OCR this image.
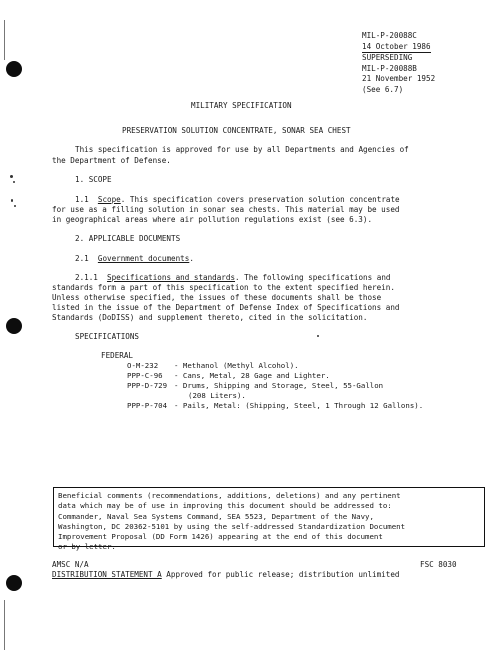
MIL-P-20088C
14 October 1986
SUPERSEDING
MIL-P-20088B
21 November 1952
(See 6.7)
MILITARY SPECIFICATION
PRESERVATION SOLUTION CONCENTRATE, SONAR SEA CHEST
This specification is approved for use by all Departments and Agencies of
the Department of Defense.
1. SCOPE
1.1 Scope. This specification covers preservation solution concentrate
for use as a filling solution in sonar sea chests. This material may be used
in geographical areas where air pollution regulations exist (see 6.3).
2. APPLICABLE DOCUMENTS
2.1 Government documents.
2.1.1 Specifications and standards. The following specifications and
standards form a part of this specification to the extent specified herein.
Unless otherwise specified, the issues of these documents shall be those
listed in the issue of the Department of Defense Index of Specifications and
Standards (DoDISS) and supplement thereto, cited in the solicitation.
SPECIFICATIONS
FEDERAL
O-M-232 - Methanol (Methyl Alcohol).
PPP-C-96 - Cans, Metal, 28 Gage and Lighter.
PPP-D-729 - Drums, Shipping and Storage, Steel, 55-Gallon
(208 Liters).
PPP-P-704 - Pails, Metal: (Shipping, Steel, 1 Through 12 Gallons).
Beneficial comments (recommendations, additions, deletions) and any pertinent
data which may be of use in improving this document should be addressed to:
Commander, Naval Sea Systems Command, SEA 5523, Department of the Navy,
Washington, DC 20362-5101 by using the self-addressed Standardization Document
Improvement Proposal (DD Form 1426) appearing at the end of this document
or by letter.
AMSC N/A	FSC 8030
DISTRIBUTION STATEMENT A Approved for public release; distribution unlimited
